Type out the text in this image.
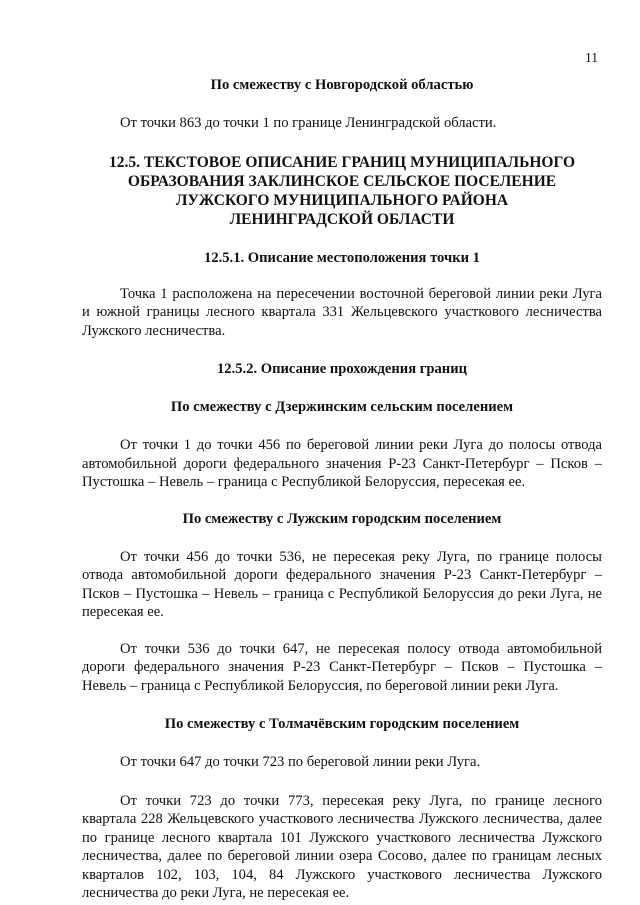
11
По смежеству с Новгородской областью
От точки 863 до точки 1 по границе Ленинградской области.
12.5. ТЕКСТОВОЕ ОПИСАНИЕ ГРАНИЦ МУНИЦИПАЛЬНОГО
ОБРАЗОВАНИЯ ЗАКЛИНСКОЕ СЕЛЬСКОЕ ПОСЕЛЕНИЕ
ЛУЖСКОГО МУНИЦИПАЛЬНОГО РАЙОНА
ЛЕНИНГРАДСКОЙ ОБЛАСТИ
12.5.1. Описание местоположения точки 1
Точка 1 расположена на пересечении восточной береговой линии реки Луга и южной границы лесного квартала 331 Жельцевского участкового лесничества Лужского лесничества.
12.5.2. Описание прохождения границ
По смежеству с Дзержинским сельским поселением
От точки 1 до точки 456 по береговой линии реки Луга до полосы отвода автомобильной дороги федерального значения Р-23 Санкт-Петербург – Псков – Пустошка – Невель – граница с Республикой Белоруссия, пересекая ее.
По смежеству с Лужским городским поселением
От точки 456 до точки 536, не пересекая реку Луга, по границе полосы отвода автомобильной дороги федерального значения Р-23 Санкт-Петербург – Псков – Пустошка – Невель – граница с Республикой Белоруссия до реки Луга, не пересекая ее.
От точки 536 до точки 647, не пересекая полосу отвода автомобильной дороги федерального значения Р-23 Санкт-Петербург – Псков – Пустошка – Невель – граница с Республикой Белоруссия, по береговой линии реки Луга.
По смежеству с Толмачёвским городским поселением
От точки 647 до точки 723 по береговой линии реки Луга.
От точки 723 до точки 773, пересекая реку Луга, по границе лесного квартала 228 Жельцевского участкового лесничества Лужского лесничества, далее по границе лесного квартала 101 Лужского участкового лесничества Лужского лесничества, далее по береговой линии озера Сосово, далее по границам лесных кварталов 102, 103, 104, 84 Лужского участкового лесничества Лужского лесничества до реки Луга, не пересекая ее.
